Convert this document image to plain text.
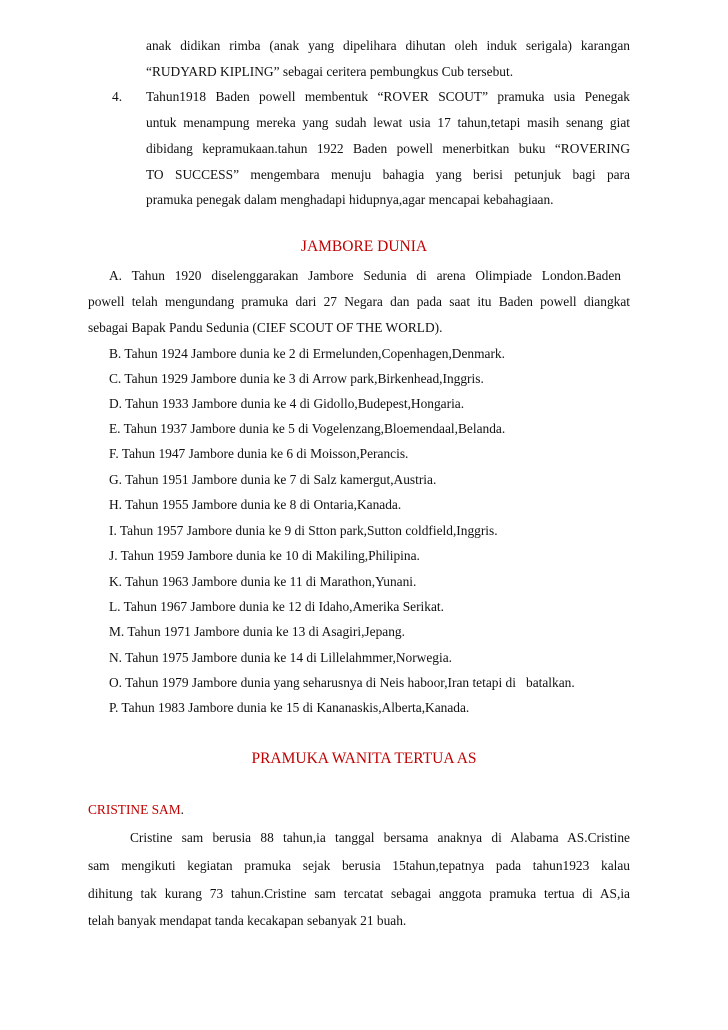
anak didikan rimba (anak yang dipelihara dihutan oleh induk serigala) karangan
“RUDYARD KIPLING” sebagai ceritera pembungkus Cub tersebut.
4. Tahun1918 Baden powell membentuk “ROVER SCOUT” pramuka usia Penegak
untuk menampung mereka yang sudah lewat usia 17 tahun,tetapi masih senang giat
dibidang kepramukaan.tahun 1922 Baden powell menerbitkan buku “ROVERING
TO SUCCESS” mengembara menuju bahagia yang berisi petunjuk bagi para
pramuka penegak dalam menghadapi hidupnya,agar mencapai kebahagiaan.
JAMBORE DUNIA
A. Tahun 1920 diselenggarakan Jambore Sedunia di arena Olimpiade London.Baden
powell telah mengundang pramuka dari 27 Negara dan pada saat itu Baden powell diangkat
sebagai Bapak Pandu Sedunia (CIEF SCOUT OF THE WORLD).
B. Tahun 1924 Jambore dunia ke 2 di Ermelunden,Copenhagen,Denmark.
C. Tahun 1929 Jambore dunia ke 3 di Arrow park,Birkenhead,Inggris.
D. Tahun 1933 Jambore dunia ke 4 di Gidollo,Budepest,Hongaria.
E. Tahun 1937 Jambore dunia ke 5 di Vogelenzang,Bloemendaal,Belanda.
F. Tahun 1947 Jambore dunia ke 6 di Moisson,Perancis.
G. Tahun 1951 Jambore dunia ke 7 di Salz kamergut,Austria.
H. Tahun 1955 Jambore dunia ke 8 di Ontaria,Kanada.
I. Tahun 1957 Jambore dunia ke 9 di Stton park,Sutton coldfield,Inggris.
J. Tahun 1959 Jambore dunia ke 10 di Makiling,Philipina.
K. Tahun 1963 Jambore dunia ke 11 di Marathon,Yunani.
L. Tahun 1967 Jambore dunia ke 12 di Idaho,Amerika Serikat.
M. Tahun 1971 Jambore dunia ke 13 di Asagiri,Jepang.
N. Tahun 1975 Jambore dunia ke 14 di Lillelahmmer,Norwegia.
O. Tahun 1979 Jambore dunia yang seharusnya di Neis haboor,Iran tetapi di   batalkan.
P. Tahun 1983 Jambore dunia ke 15 di Kananaskis,Alberta,Kanada.
PRAMUKA WANITA TERTUA AS
CRISTINE SAM.
Cristine sam berusia 88 tahun,ia tanggal bersama anaknya di Alabama AS.Cristine
sam mengikuti kegiatan pramuka sejak berusia 15tahun,tepatnya pada tahun1923 kalau
dihitung tak kurang 73 tahun.Cristine sam tercatat sebagai anggota pramuka tertua di AS,ia
telah banyak mendapat tanda kecakapan sebanyak 21 buah.
